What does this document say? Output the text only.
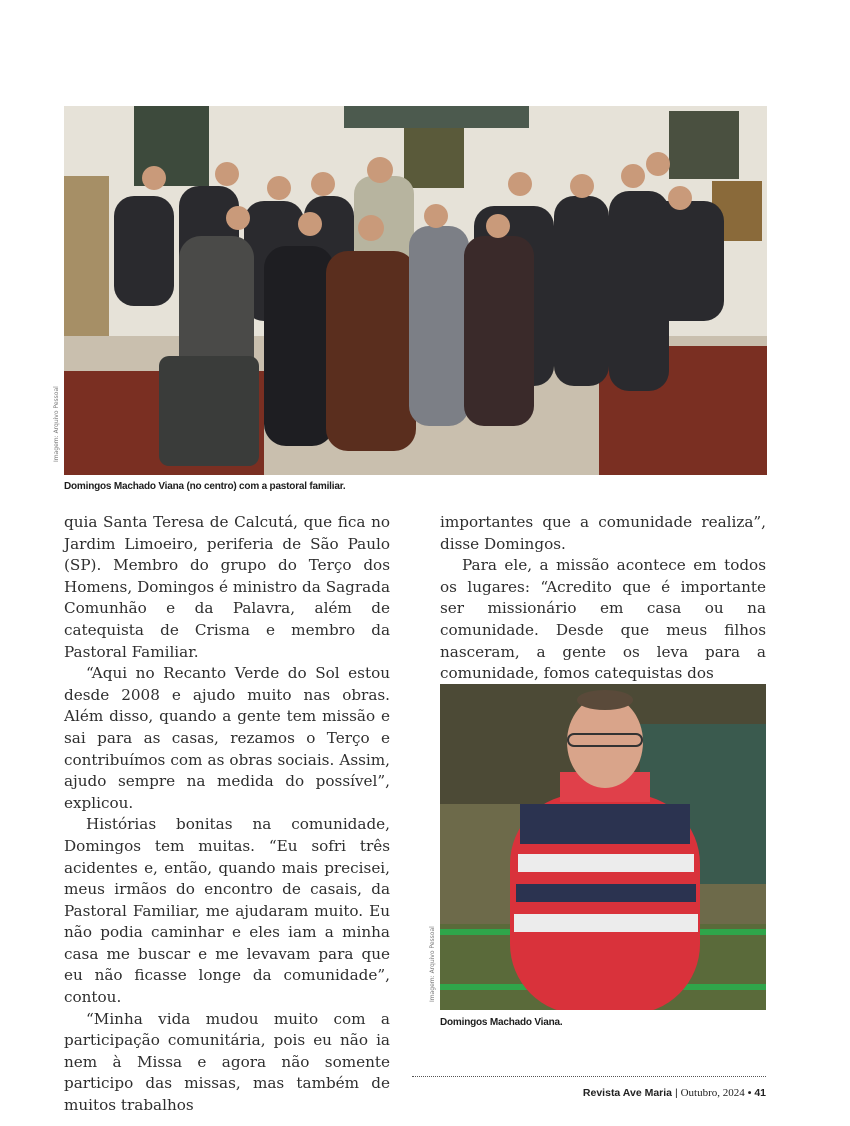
Imagem: Arquivo Pessoal
Domingos Machado Viana (no centro) com a pastoral familiar.

quia Santa Teresa de Calcutá, que fica no Jardim Limoeiro, periferia de São Paulo (SP). Membro do grupo do Terço dos Homens, Domingos é ministro da Sagrada Comunhão e da Palavra, além de catequista de Crisma e membro da Pastoral Familiar.

“Aqui no Recanto Verde do Sol estou desde 2008 e ajudo muito nas obras. Além disso, quando a gente tem missão e sai para as casas, rezamos o Terço e contribuímos com as obras sociais. Assim, ajudo sempre na medida do possível”, explicou.

Histórias bonitas na comunidade, Domingos tem muitas. “Eu sofri três acidentes e, então, quando mais precisei, meus irmãos do encontro de casais, da Pastoral Familiar, me ajudaram muito. Eu não podia caminhar e eles iam a minha casa me buscar e me levavam para que eu não ficasse longe da comunidade”, contou.

“Minha vida mudou muito com a participação comunitária, pois eu não ia nem à Missa e agora não somente participo das missas, mas também de muitos trabalhos

importantes que a comunidade realiza”, disse Domingos.

Para ele, a missão acontece em todos os lugares: “Acredito que é importante ser missionário em casa ou na comunidade. Desde que meus filhos nasceram, a gente os leva para a comunidade, fomos catequistas dos

Imagem: Arquivo Pessoal
Domingos Machado Viana.
Revista Ave Maria | Outubro, 2024 • 41
